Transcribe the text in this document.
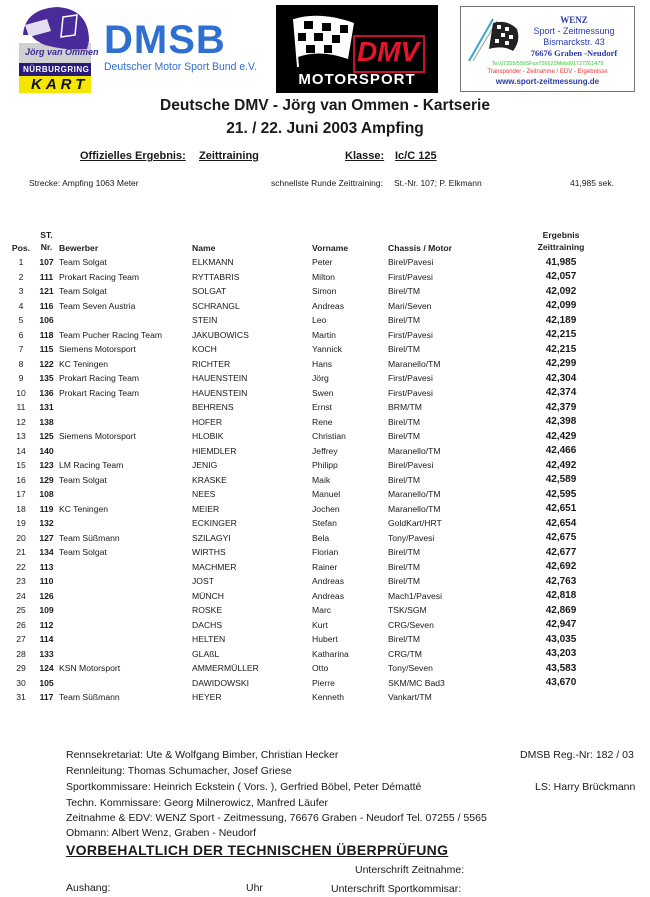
Jörg van Ommen
NÜRBURGRING
KART
DMSB
Deutscher Motor Sport Bund e.V.	DMV
MOTORSPORT
WENZ
Sport - Zeitmessung
Bismarckstr. 43
76676 Graben -Neudorf
Tel.07255/5565Fax726623Mobil01727261479
Transponder - Zeitnahme / EDV - Ergebnisse
www.sport-zeitmessung.de
Deutsche DMV - Jörg van Ommen - Kartserie
21. / 22. Juni 2003 Ampfing
Offizielles Ergebnis: Zeittraining	Klasse: Ic/C 125
Strecke: Ampfing 1063 Meter	schnellste Runde Zeittraining: St.-Nr. 107; P. Elkmann	41,985 sek.
Pos.	ST.
Nr.	Bewerber	Name	Vorname	Chassis / Motor	Ergebnis
Zeittraining
1	107	Team Solgat	ELKMANN	Peter	Birel/Pavesi	41,985
2	111	Prokart Racing Team	RYTTABRIS	Milton	First/Pavesi	42,057
3	121	Team Solgat	SOLGAT	Simon	Birel/TM	42,092
4	116	Team Seven Austria	SCHRANGL	Andreas	Mari/Seven	42,099
5	106		STEIN	Leo	Birel/TM	42,189
6	118	Team Pucher Racing Team	JAKUBOWICS	Martin	First/Pavesi	42,215
7	115	Siemens Motorsport	KOCH	Yannick	Birel/TM	42,215
8	122	KC Teningen	RICHTER	Hans	Maranello/TM	42,299
9	135	Prokart Racing Team	HAUENSTEIN	Jörg	First/Pavesi	42,304
10	136	Prokart Racing Team	HAUENSTEIN	Swen	First/Pavesi	42,374
11	131		BEHRENS	Ernst	BRM/TM	42,379
12	138		HOFER	Rene	Birel/TM	42,398
13	125	Siemens Motorsport	HLOBIK	Christian	Birel/TM	42,429
14	140		HIEMDLER	Jeffrey	Maranello/TM	42,466
15	123	LM Racing Team	JENIG	Philipp	Birel/Pavesi	42,492
16	129	Team Solgat	KRASKE	Maik	Birel/TM	42,589
17	108		NEES	Manuel	Maranello/TM	42,595
18	119	KC Teningen	MEIER	Jochen	Maranello/TM	42,651
19	132		ECKINGER	Stefan	GoldKart/HRT	42,654
20	127	Team Süßmann	SZILAGYI	Bela	Tony/Pavesi	42,675
21	134	Team Solgat	WIRTHS	Florian	Birel/TM	42,677
22	113		MACHMER	Rainer	Birel/TM	42,692
23	110		JOST	Andreas	Birel/TM	42,763
24	126		MÜNCH	Andreas	Mach1/Pavesi	42,818
25	109		ROSKE	Marc	TSK/SGM	42,869
26	112		DACHS	Kurt	CRG/Seven	42,947
27	114		HELTEN	Hubert	Birel/TM	43,035
28	133		GLAßL	Katharina	CRG/TM	43,203
29	124	KSN Motorsport	AMMERMÜLLER	Otto	Tony/Seven	43,583
30	105		DAWIDOWSKI	Pierre	SKM/MC Bad3	43,670
31	117	Team Süßmann	HEYER	Kenneth	Vankart/TM	
Rennsekretariat: Ute & Wolfgang Bimber, Christian Hecker	DMSB Reg.-Nr: 182 / 03
Rennleitung: Thomas Schumacher, Josef Griese
Sportkommissare: Heinrich Eckstein ( Vors. ), Gerfried Böbel, Peter Dématté	LS: Harry Brückmann
Techn. Kommissare: Georg Milnerowicz, Manfred Läufer
Zeitnahme & EDV: WENZ Sport - Zeitmessung, 76676 Graben - Neudorf Tel. 07255 / 5565
Obmann: Albert Wenz, Graben - Neudorf
VORBEHALTLICH DER TECHNISCHEN ÜBERPRÜFUNG
Unterschrift Zeitnahme:
Aushang:	Uhr	Unterschrift Sportkommisar:
